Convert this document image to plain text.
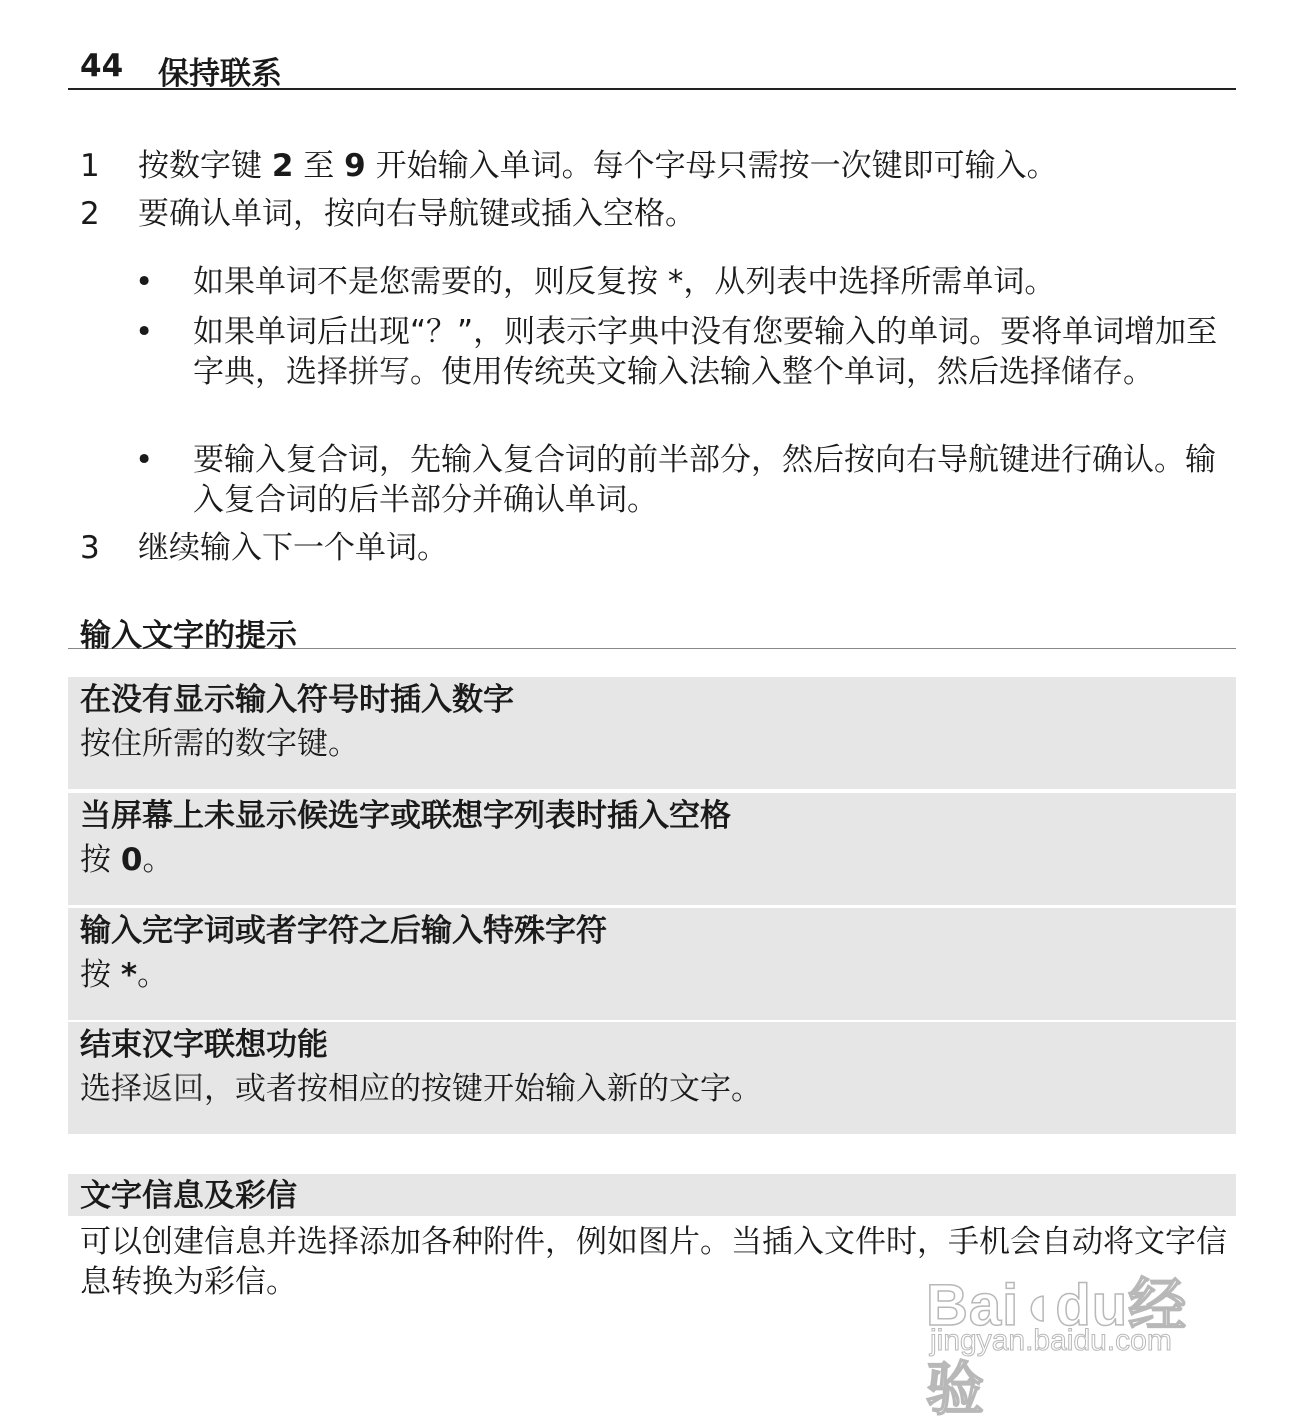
44 保持联系
1	按数字键 2 至 9 开始输入单词。每个字母只需按一次键即可输入。
2	要确认单词，按向右导航键或插入空格。
• 如果单词不是您需要的，则反复按 *，从列表中选择所需单词。
• 如果单词后出现“？”，则表示字典中没有您要输入的单词。要将单词增加至字典，选择拼写。使用传统英文输入法输入整个单词，然后选择储存。
• 要输入复合词，先输入复合词的前半部分，然后按向右导航键进行确认。输入复合词的后半部分并确认单词。
3	继续输入下一个单词。
输入文字的提示
在没有显示输入符号时插入数字
按住所需的数字键。
当屏幕上未显示候选字或联想字列表时插入空格
按 0。
输入完字词或者字符之后输入特殊字符
按 *。
结束汉字联想功能
选择返回，或者按相应的按键开始输入新的文字。
文字信息及彩信
可以创建信息并选择添加各种附件，例如图片。当插入文件时，手机会自动将文字信息转换为彩信。	Bai◖du经验
jingyan.baidu.com
